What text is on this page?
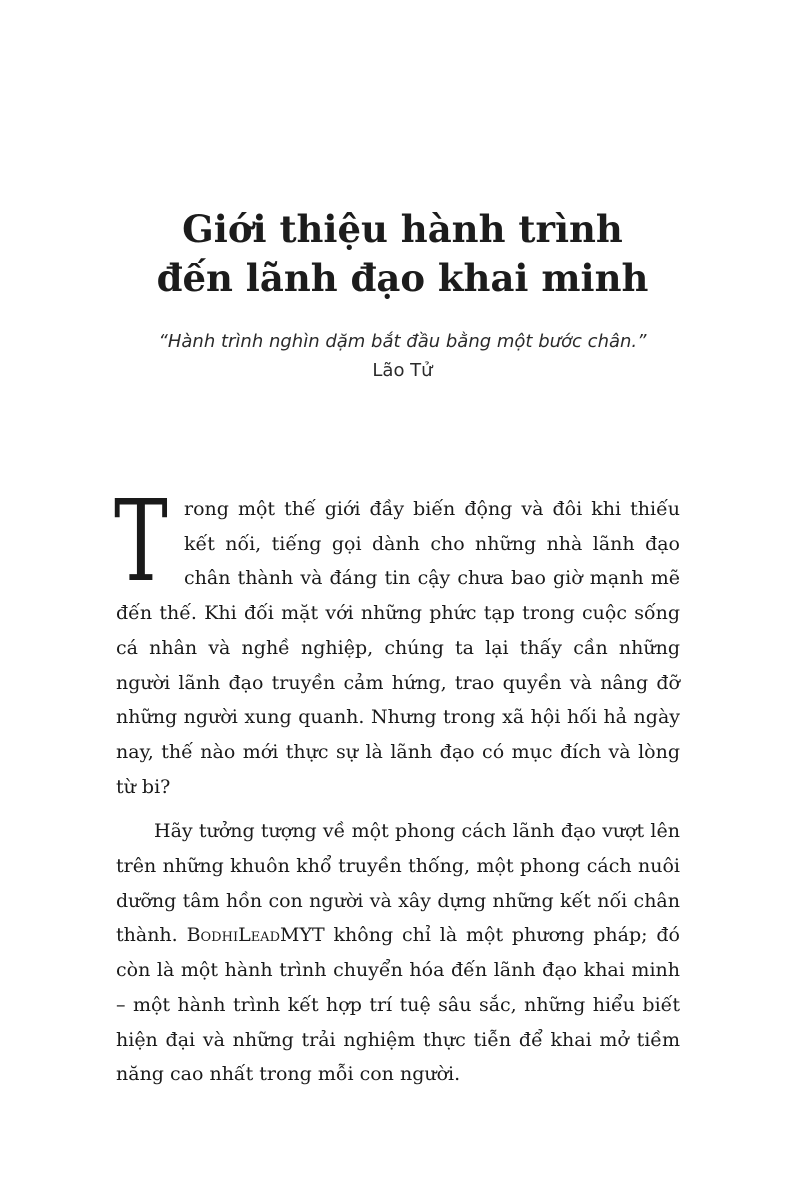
Giới thiệu hành trình
đến lãnh đạo khai minh
“Hành trình nghìn dặm bắt đầu bằng một bước chân.”
Lão Tử

Trong một thế giới đầy biến động và đôi khi thiếu kết nối, tiếng gọi dành cho những nhà lãnh đạo chân thành và đáng tin cậy chưa bao giờ mạnh mẽ đến thế. Khi đối mặt với những phức tạp trong cuộc sống cá nhân và nghề nghiệp, chúng ta lại thấy cần những người lãnh đạo truyền cảm hứng, trao quyền và nâng đỡ những người xung quanh. Nhưng trong xã hội hối hả ngày nay, thế nào mới thực sự là lãnh đạo có mục đích và lòng từ bi?

Hãy tưởng tượng về một phong cách lãnh đạo vượt lên trên những khuôn khổ truyền thống, một phong cách nuôi dưỡng tâm hồn con người và xây dựng những kết nối chân thành. BodhiLeadMYT không chỉ là một phương pháp; đó còn là một hành trình chuyển hóa đến lãnh đạo khai minh – một hành trình kết hợp trí tuệ sâu sắc, những hiểu biết hiện đại và những trải nghiệm thực tiễn để khai mở tiềm năng cao nhất trong mỗi con người.
